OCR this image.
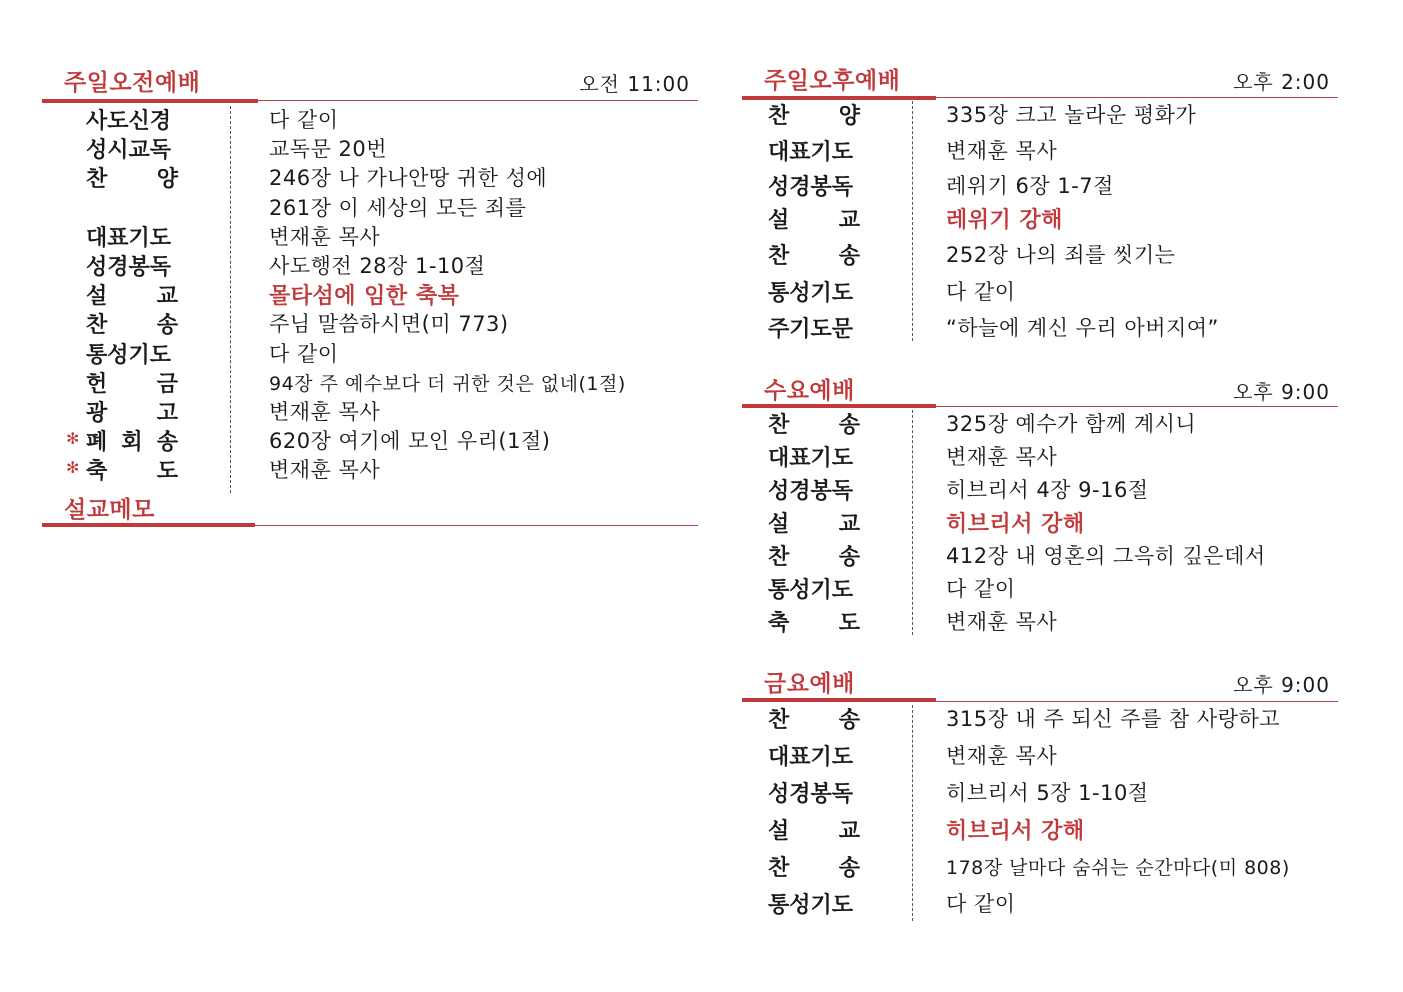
주일오전예배	오전 11:00
사도신경	다 같이
성시교독	교독문 20번
찬 양	246장 나 가나안땅 귀한 성에
261장 이 세상의 모든 죄를
대표기도	변재훈 목사
성경봉독	사도행전 28장 1-10절
설 교	몰타섬에 임한 축복
찬 송	주님 말씀하시면(미 773)
통성기도	다 같이
헌 금	94장 주 예수보다 더 귀한 것은 없네(1절)
광 고	변재훈 목사
✻ 폐 회 송	620장 여기에 모인 우리(1절)
✻ 축 도	변재훈 목사
설교메모
주일오후예배	오후 2:00
찬 양	335장 크고 놀라운 평화가
대표기도	변재훈 목사
성경봉독	레위기 6장 1-7절
설 교	레위기 강해
찬 송	252장 나의 죄를 씻기는
통성기도	다 같이
주기도문	“하늘에 계신 우리 아버지여”
수요예배	오후 9:00
찬 송	325장 예수가 함께 계시니
대표기도	변재훈 목사
성경봉독	히브리서 4장 9-16절
설 교	히브리서 강해
찬 송	412장 내 영혼의 그윽히 깊은데서
통성기도	다 같이
축 도	변재훈 목사
금요예배	오후 9:00
찬 송	315장 내 주 되신 주를 참 사랑하고
대표기도	변재훈 목사
성경봉독	히브리서 5장 1-10절
설 교	히브리서 강해
찬 송	178장 날마다 숨쉬는 순간마다(미 808)
통성기도	다 같이
